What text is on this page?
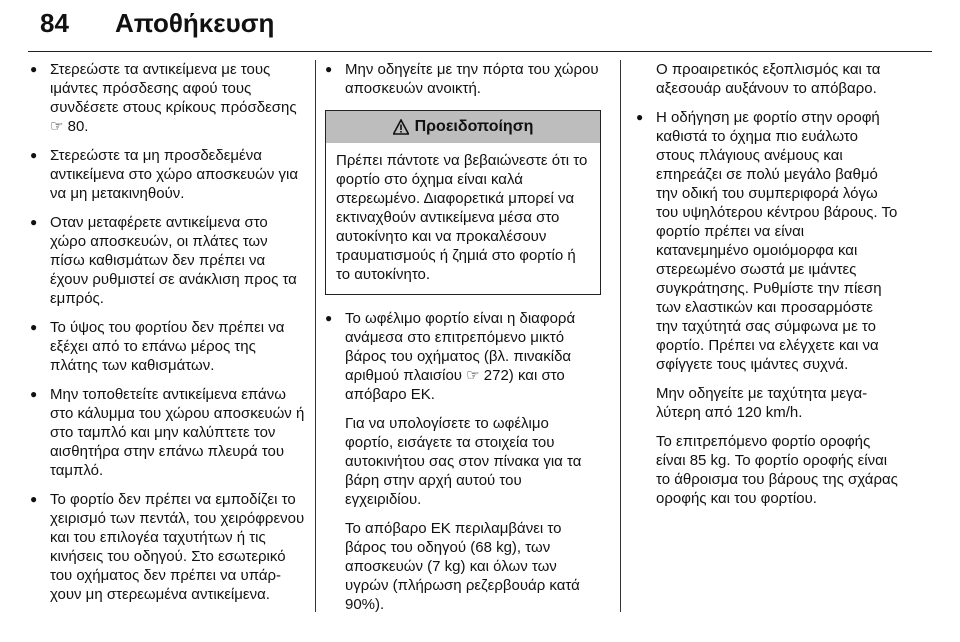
84 Αποθήκευση
● Στερεώστε τα αντικείμενα με τους ιμάντες πρόσδεσης αφού τους συνδέσετε στους κρίκους πρόσδεσης ☞ 80.
● Στερεώστε τα μη προσδεδεμένα αντικείμενα στο χώρο αποσκευών για να μη μετακινηθούν.
● Οταν μεταφέρετε αντικείμενα στο χώρο αποσκευών, οι πλάτες των πίσω καθισμάτων δεν πρέπει να έχουν ρυθμιστεί σε ανάκλιση προς τα εμπρός.
● Το ύψος του φορτίου δεν πρέπει να εξέχει από το επάνω μέρος της πλάτης των καθισμάτων.
● Μην τοποθετείτε αντικείμενα επάνω στο κάλυμμα του χώρου αποσκευών ή στο ταμπλό και μην καλύπτετε τον αισθητήρα στην επάνω πλευρά του ταμπλό.
● Το φορτίο δεν πρέπει να εμποδίζει το χειρισμό των πεντάλ, του χειρόφρενου και του επιλογέα ταχυτήτων ή τις κινήσεις του οδηγού. Στο εσωτερικό του οχήματος δεν πρέπει να υπάρχουν μη στερεωμένα αντικείμενα.
● Μην οδηγείτε με την πόρτα του χώρου αποσκευών ανοικτή.
Προειδοποίηση
Πρέπει πάντοτε να βεβαιώνεστε ότι το φορτίο στο όχημα είναι καλά στερεωμένο. Διαφορετικά μπορεί να εκτιναχθούν αντικείμενα μέσα στο αυτοκίνητο και να προκαλέσουν τραυματισμούς ή ζημιά στο φορτίο ή το αυτοκίνητο.
● Το ωφέλιμο φορτίο είναι η διαφορά ανάμεσα στο επιτρεπόμενο μικτό βάρος του οχήματος (βλ. πινακίδα αριθμού πλαισίου ☞ 272) και στο απόβαρο ΕΚ.
Για να υπολογίσετε το ωφέλιμο φορτίο, εισάγετε τα στοιχεία του αυτοκινήτου σας στον πίνακα για τα βάρη στην αρχή αυτού του εγχειριδίου.
Το απόβαρο ΕΚ περιλαμβάνει το βάρος του οδηγού (68 kg), των αποσκευών (7 kg) και όλων των υγρών (πλήρωση ρεζερβουάρ κατά 90%).
Ο προαιρετικός εξοπλισμός και τα αξεσουάρ αυξάνουν το απόβαρο.
● Η οδήγηση με φορτίο στην οροφή καθιστά το όχημα πιο ευάλωτο στους πλάγιους ανέμους και επηρεάζει σε πολύ μεγάλο βαθμό την οδική του συμπεριφορά λόγω του υψηλότερου κέντρου βάρους. Το φορτίο πρέπει να είναι κατανεμημένο ομοιόμορφα και στερεωμένο σωστά με ιμάντες συγκράτησης. Ρυθμίστε την πίεση των ελαστικών και προσαρμόστε την ταχύτητά σας σύμφωνα με το φορτίο. Πρέπει να ελέγχετε και να σφίγγετε τους ιμάντες συχνά.
Μην οδηγείτε με ταχύτητα μεγαλύτερη από 120 km/h.
Το επιτρεπόμενο φορτίο οροφής είναι 85 kg. Το φορτίο οροφής είναι το άθροισμα του βάρους της σχάρας οροφής και του φορτίου.
